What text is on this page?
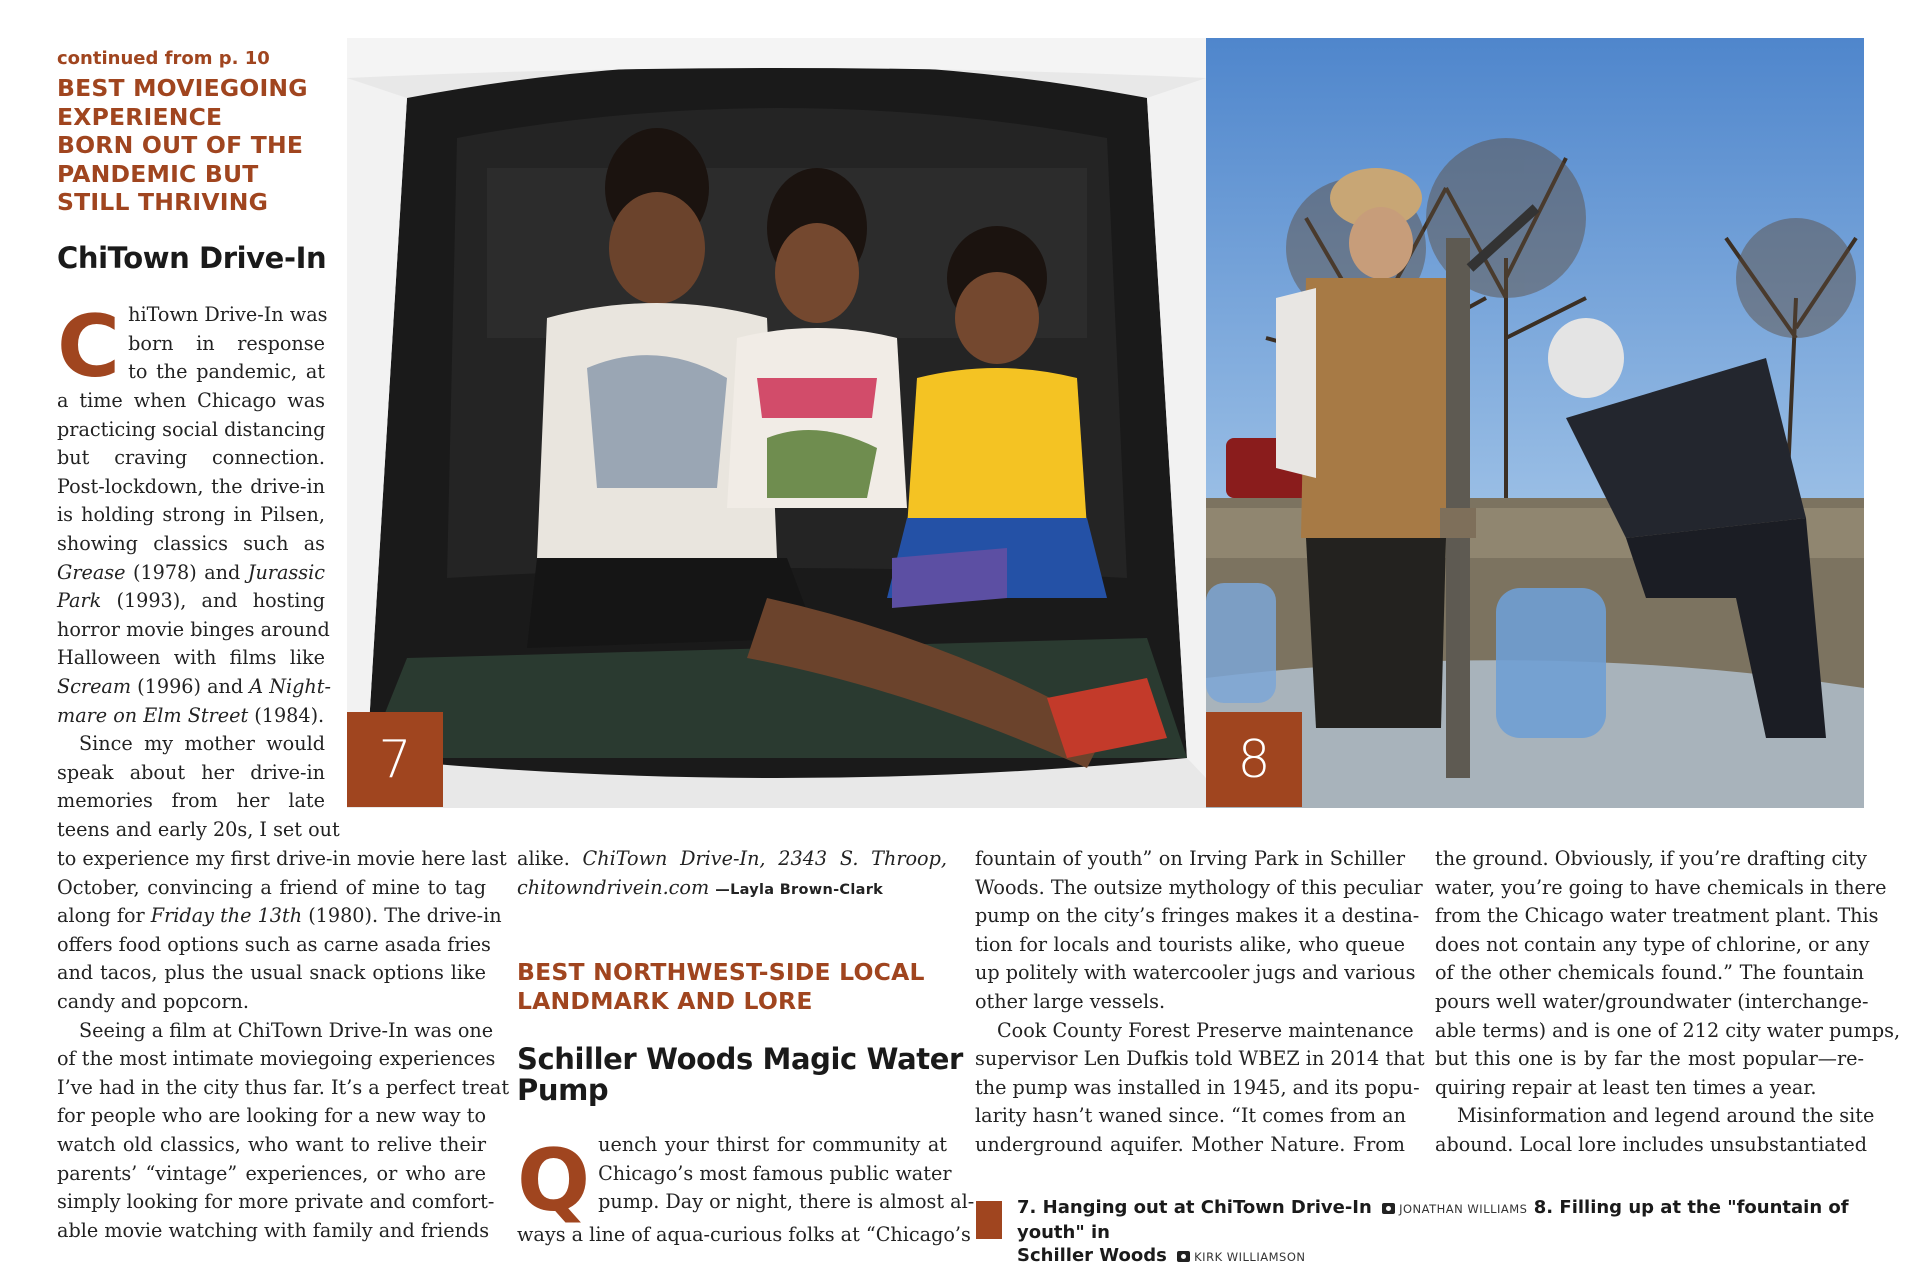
continued from p. 10
BEST MOVIEGOING
EXPERIENCE
BORN OUT OF THE
PANDEMIC BUT
STILL THRIVING
ChiTown Drive-In
C hiTown Drive-In was
born in response
to the pandemic, at
a time when Chicago was
practicing social distancing
but craving connection.
Post-lockdown, the drive-in
is holding strong in Pilsen,
showing classics such as
Grease (1978) and Jurassic
Park (1993), and hosting
horror movie binges around
Halloween with films like
Scream (1996) and A Night-
mare on Elm Street (1984).
Since my mother would
speak about her drive-in
memories from her late
teens and early 20s, I set out
to experience my first drive-in movie here last
October, convincing a friend of mine to tag
along for Friday the 13th (1980). The drive-in
offers food options such as carne asada fries
and tacos, plus the usual snack options like
candy and popcorn.
Seeing a film at ChiTown Drive-In was one
of the most intimate moviegoing experiences
I’ve had in the city thus far. It’s a perfect treat
for people who are looking for a new way to
watch old classics, who want to relive their
parents’ “vintage” experiences, or who are
simply looking for more private and comfort-
able movie watching with family and friends
alike. ChiTown Drive-In, 2343 S. Throop,
chitowndrivein.com —Layla Brown-Clark
BEST NORTHWEST-SIDE LOCAL
LANDMARK AND LORE
Schiller Woods Magic Water
Pump
Q uench your thirst for community at
Chicago’s most famous public water
pump. Day or night, there is almost al-
ways a line of aqua-curious folks at “Chicago’s
fountain of youth” on Irving Park in Schiller
Woods. The outsize mythology of this peculiar
pump on the city’s fringes makes it a destina-
tion for locals and tourists alike, who queue
up politely with watercooler jugs and various
other large vessels.
Cook County Forest Preserve maintenance
supervisor Len Dufkis told WBEZ in 2014 that
the pump was installed in 1945, and its popu-
larity hasn’t waned since. “It comes from an
underground aquifer. Mother Nature. From
the ground. Obviously, if you’re drafting city
water, you’re going to have chemicals in there
from the Chicago water treatment plant. This
does not contain any type of chlorine, or any
of the other chemicals found.” The fountain
pours well water/groundwater (interchange-
able terms) and is one of 212 city water pumps,
but this one is by far the most popular—re-
quiring repair at least ten times a year.
Misinformation and legend around the site
abound. Local lore includes unsubstantiated
7	8
7. Hanging out at ChiTown Drive-In JONATHAN WILLIAMS 8. Filling up at the "fountain of youth" in
Schiller Woods KIRK WILLIAMSON
